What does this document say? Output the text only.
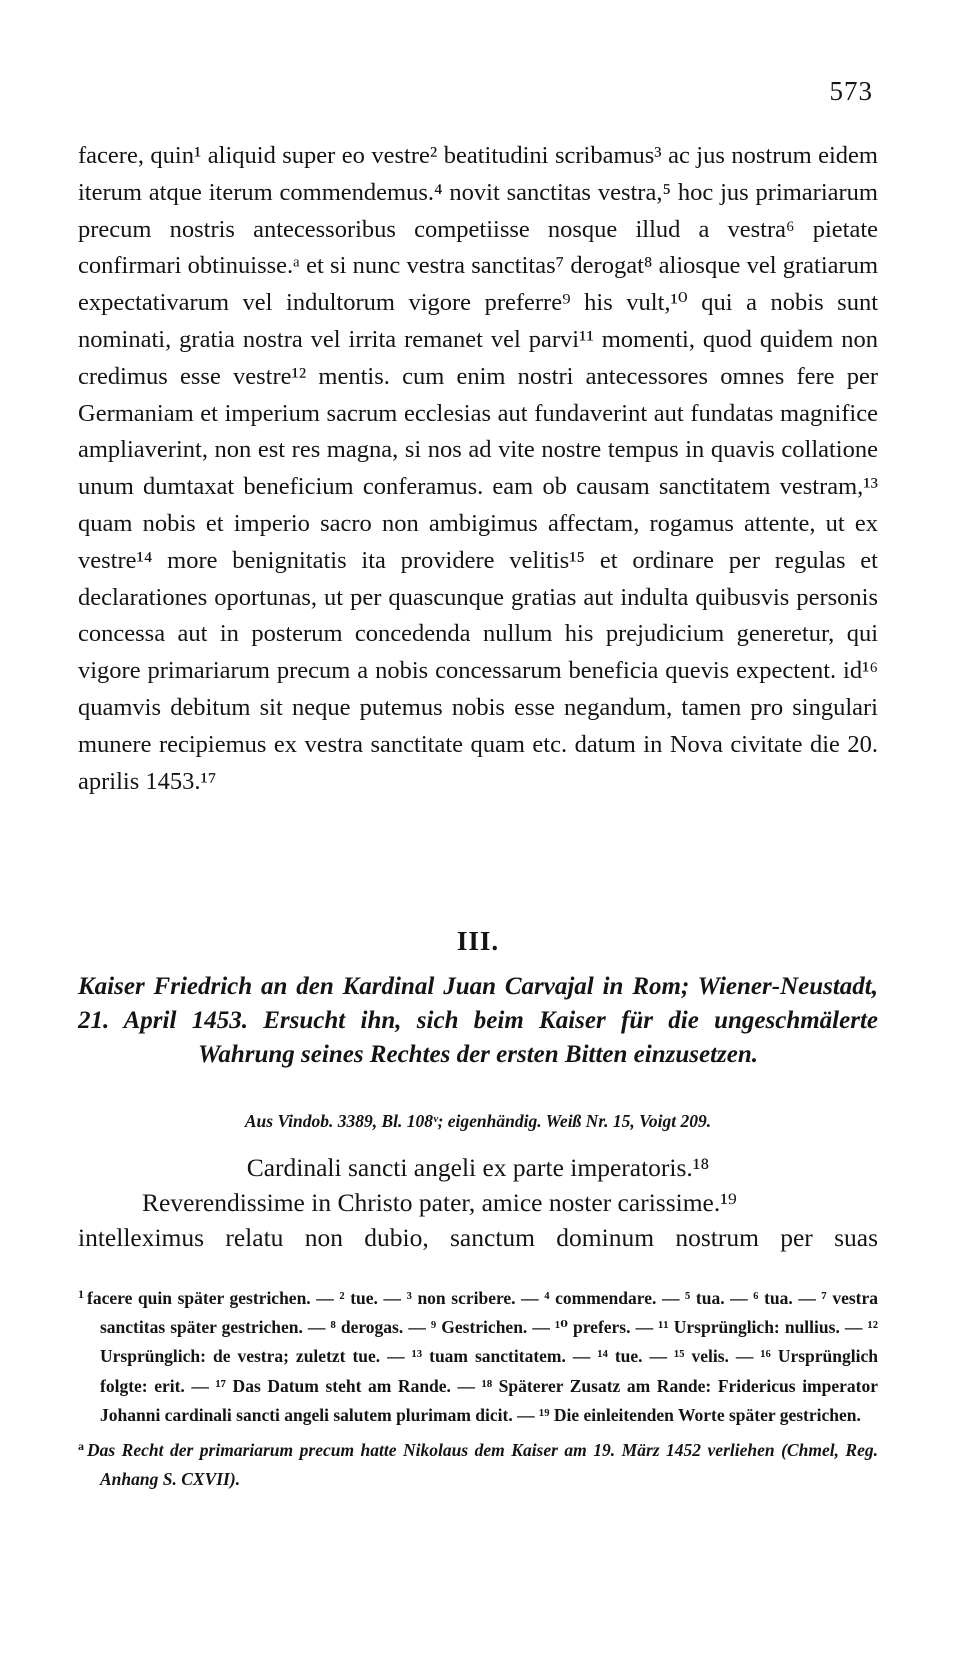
573

facere, quin¹ aliquid super eo vestre² beatitudini scribamus³ ac jus nostrum eidem iterum atque iterum commendemus.⁴ novit sanctitas vestra,⁵ hoc jus primariarum precum nostris antecessoribus competiisse nosque illud a vestra⁶ pietate confirmari obtinuisse.ᵃ et si nunc vestra sanctitas⁷ derogat⁸ aliosque vel gratiarum expectativarum vel indultorum vigore preferre⁹ his vult,¹⁰ qui a nobis sunt nominati, gratia nostra vel irrita remanet vel parvi¹¹ momenti, quod quidem non credimus esse vestre¹² mentis. cum enim nostri antecessores omnes fere per Germaniam et imperium sacrum ecclesias aut fundaverint aut fundatas magnifice ampliaverint, non est res magna, si nos ad vite nostre tempus in quavis collatione unum dumtaxat beneficium conferamus. eam ob causam sanctitatem vestram,¹³ quam nobis et imperio sacro non ambigimus affectam, rogamus attente, ut ex vestre¹⁴ more benignitatis ita providere velitis¹⁵ et ordinare per regulas et declarationes oportunas, ut per quascunque gratias aut indulta quibusvis personis concessa aut in posterum concedenda nullum his prejudicium generetur, qui vigore primariarum precum a nobis concessarum beneficia quevis expectent. id¹⁶ quamvis debitum sit neque putemus nobis esse negandum, tamen pro singulari munere recipiemus ex vestra sanctitate quam etc. datum in Nova civitate die 20. aprilis 1453.¹⁷

III.

Kaiser Friedrich an den Kardinal Juan Carvajal in Rom; Wiener-Neustadt, 21. April 1453. Ersucht ihn, sich beim Kaiser für die ungeschmälerte Wahrung seines Rechtes der ersten Bitten einzusetzen.

Aus Vindob. 3389, Bl. 108ᵛ; eigenhändig. Weiß Nr. 15, Voigt 209.
Cardinali sancti angeli ex parte imperatoris.¹⁸
Reverendissime in Christo pater, amice noster carissime.¹⁹
intelleximus relatu non dubio, sanctum dominum nostrum per suas

$^1$ facere quin später gestrichen. — ² tue. — ³ non scribere. — ⁴ commendare. — ⁵ tua. — ⁶ tua. — ⁷ vestra sanctitas später gestrichen. — ⁸ derogas. — ⁹ Gestrichen. — ¹⁰ prefers. — ¹¹ Ursprünglich: nullius. — ¹² Ursprünglich: de vestra; zuletzt tue. — ¹³ tuam sanctitatem. — ¹⁴ tue. — ¹⁵ velis. — ¹⁶ Ursprünglich folgte: erit. — ¹⁷ Das Datum steht am Rande. — ¹⁸ Späterer Zusatz am Rande: Fridericus imperator Johanni cardinali sancti angeli salutem plurimam dicit. — ¹⁹ Die einleitenden Worte später gestrichen.

$^a$ Das Recht der primariarum precum hatte Nikolaus dem Kaiser am 19. März 1452 verliehen (Chmel, Reg. Anhang S. CXVII).
